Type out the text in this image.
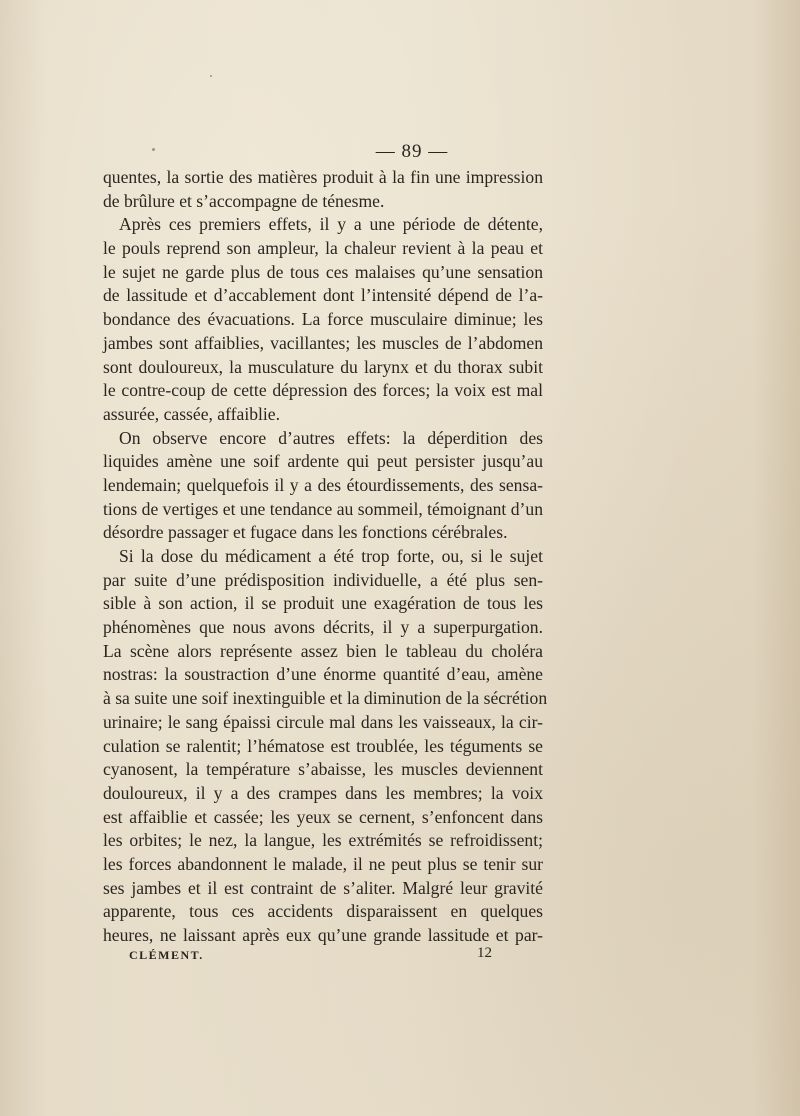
— 89 —
quentes, la sortie des matières produit à la fin une impression
de brûlure et s’accompagne de ténesme.
Après ces premiers effets, il y a une période de détente,
le pouls reprend son ampleur, la chaleur revient à la peau et
le sujet ne garde plus de tous ces malaises qu’une sensation
de lassitude et d’accablement dont l’intensité dépend de l’a-
bondance des évacuations. La force musculaire diminue; les
jambes sont affaiblies, vacillantes; les muscles de l’abdomen
sont douloureux, la musculature du larynx et du thorax subit
le contre-coup de cette dépression des forces; la voix est mal
assurée, cassée, affaiblie.
On observe encore d’autres effets: la déperdition des
liquides amène une soif ardente qui peut persister jusqu’au
lendemain; quelquefois il y a des étourdissements, des sensa-
tions de vertiges et une tendance au sommeil, témoignant d’un
désordre passager et fugace dans les fonctions cérébrales.
Si la dose du médicament a été trop forte, ou, si le sujet
par suite d’une prédisposition individuelle, a été plus sen-
sible à son action, il se produit une exagération de tous les
phénomènes que nous avons décrits, il y a superpurgation.
La scène alors représente assez bien le tableau du choléra
nostras: la soustraction d’une énorme quantité d’eau, amène
à sa suite une soif inextinguible et la diminution de la sécrétion
urinaire; le sang épaissi circule mal dans les vaisseaux, la cir-
culation se ralentit; l’hématose est troublée, les téguments se
cyanosent, la température s’abaisse, les muscles deviennent
douloureux, il y a des crampes dans les membres; la voix
est affaiblie et cassée; les yeux se cernent, s’enfoncent dans
les orbites; le nez, la langue, les extrémités se refroidissent;
les forces abandonnent le malade, il ne peut plus se tenir sur
ses jambes et il est contraint de s’aliter. Malgré leur gravité
apparente, tous ces accidents disparaissent en quelques
heures, ne laissant après eux qu’une grande lassitude et par-
CLÉMENT.	12
